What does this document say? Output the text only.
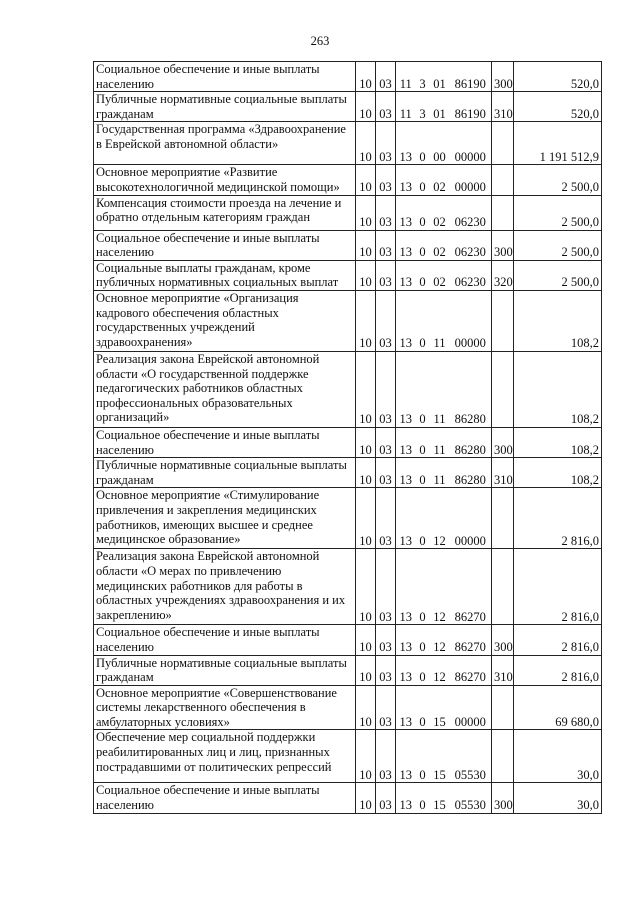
263
Социальное обеспечение и иные выплаты населению	10	03	11	3	01	86190	300	520,0
Публичные нормативные социальные выплаты гражданам	10	03	11	3	01	86190	310	520,0
Государственная программа «Здравоохранение в Еврейской автономной области»	10	03	13	0	00	00000		1 191 512,9
Основное мероприятие «Развитие высокотехнологичной медицинской помощи»	10	03	13	0	02	00000		2 500,0
Компенсация стоимости проезда на лечение и обратно отдельным категориям граждан	10	03	13	0	02	06230		2 500,0
Социальное обеспечение и иные выплаты населению	10	03	13	0	02	06230	300	2 500,0
Социальные выплаты гражданам, кроме публичных нормативных социальных выплат	10	03	13	0	02	06230	320	2 500,0
Основное мероприятие «Организация кадрового обеспечения областных государственных учреждений здравоохранения»	10	03	13	0	11	00000		108,2
Реализация закона Еврейской автономной области «О государственной поддержке педагогических работников областных профессиональных образовательных организаций»	10	03	13	0	11	86280		108,2
Социальное обеспечение и иные выплаты населению	10	03	13	0	11	86280	300	108,2
Публичные нормативные социальные выплаты гражданам	10	03	13	0	11	86280	310	108,2
Основное мероприятие «Стимулирование привлечения и закрепления медицинских работников, имеющих высшее и среднее медицинское образование»	10	03	13	0	12	00000		2 816,0
Реализация закона Еврейской автономной области «О мерах по привлечению медицинских работников для работы в областных учреждениях здравоохранения и их закреплению»	10	03	13	0	12	86270		2 816,0
Социальное обеспечение и иные выплаты населению	10	03	13	0	12	86270	300	2 816,0
Публичные нормативные социальные выплаты гражданам	10	03	13	0	12	86270	310	2 816,0
Основное мероприятие «Совершенствование системы лекарственного обеспечения в амбулаторных условиях»	10	03	13	0	15	00000		69 680,0
Обеспечение мер социальной поддержки реабилитированных лиц и лиц, признанных пострадавшими от политических репрессий	10	03	13	0	15	05530		30,0
Социальное обеспечение и иные выплаты населению	10	03	13	0	15	05530	300	30,0
